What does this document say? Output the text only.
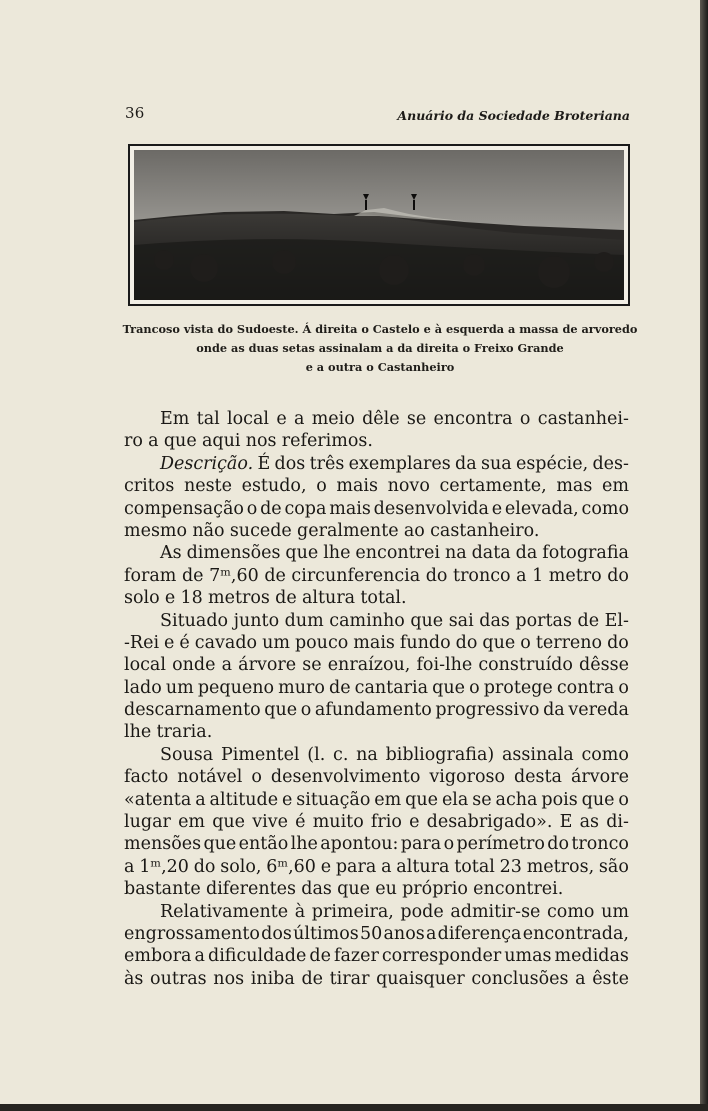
36	Anuário da Sociedade Broteriana
Trancoso vista do Sudoeste. Á direita o Castelo e à esquerda a massa de arvoredo
onde as duas setas assinalam a da direita o Freixo Grande
e a outra o Castanheiro
Em tal local e a meio dêle se encontra o castanhei-
ro a que aqui nos referimos.
Descrição. É dos três exemplares da sua espécie, des-
critos neste estudo, o mais novo certamente, mas em
compensação o de copa mais desenvolvida e elevada, como
mesmo não sucede geralmente ao castanheiro.
As dimensões que lhe encontrei na data da fotografia
foram de 7ᵐ,60 de circunferencia do tronco a 1 metro do
solo e 18 metros de altura total.
Situado junto dum caminho que sai das portas de El-
-Rei e é cavado um pouco mais fundo do que o terreno do
local onde a árvore se enraízou, foi-lhe construído dêsse
lado um pequeno muro de cantaria que o protege contra o
descarnamento que o afundamento progressivo da vereda
lhe traria.
Sousa Pimentel (l. c. na bibliografia) assinala como
facto notável o desenvolvimento vigoroso desta árvore
«atenta a altitude e situação em que ela se acha pois que o
lugar em que vive é muito frio e desabrigado». E as di-
mensões que então lhe apontou: para o perímetro do tronco
a 1ᵐ,20 do solo, 6ᵐ,60 e para a altura total 23 metros, são
bastante diferentes das que eu próprio encontrei.
Relativamente à primeira, pode admitir-se como um
engrossamento dos últimos 50 anos a diferença encontrada,
embora a dificuldade de fazer corresponder umas medidas
às outras nos iniba de tirar quaisquer conclusões a êste
